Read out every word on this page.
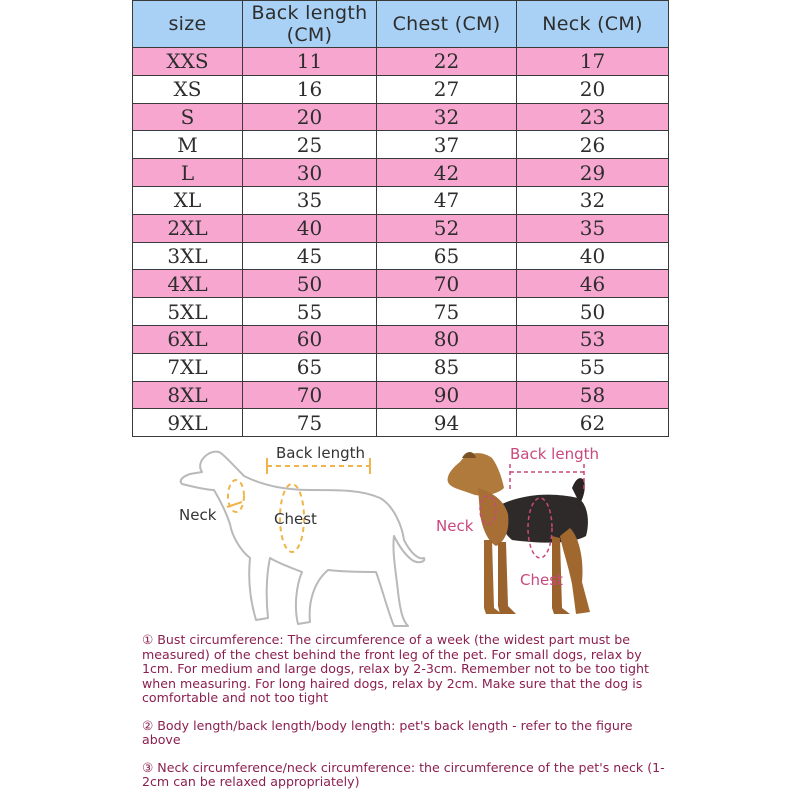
size	Back length (CM)	Chest (CM)	Neck (CM)
XXS	11	22	17
XS	16	27	20
S	20	32	23
M	25	37	26
L	30	42	29
XL	35	47	32
2XL	40	52	35
3XL	45	65	40
4XL	50	70	46
5XL	55	75	50
6XL	60	80	53
7XL	65	85	55
8XL	70	90	58
9XL	75	94	62
Back length
Neck	Chest
Back length
Neck
Chest

① Bust circumference: The circumference of a week (the widest part must be measured) of the chest behind the front leg of the pet. For small dogs, relax by 1cm. For medium and large dogs, relax by 2-3cm. Remember not to be too tight when measuring. For long haired dogs, relax by 2cm. Make sure that the dog is comfortable and not too tight

② Body length/back length/body length: pet's back length - refer to the figure above

③ Neck circumference/neck circumference: the circumference of the pet's neck (1-2cm can be relaxed appropriately)
